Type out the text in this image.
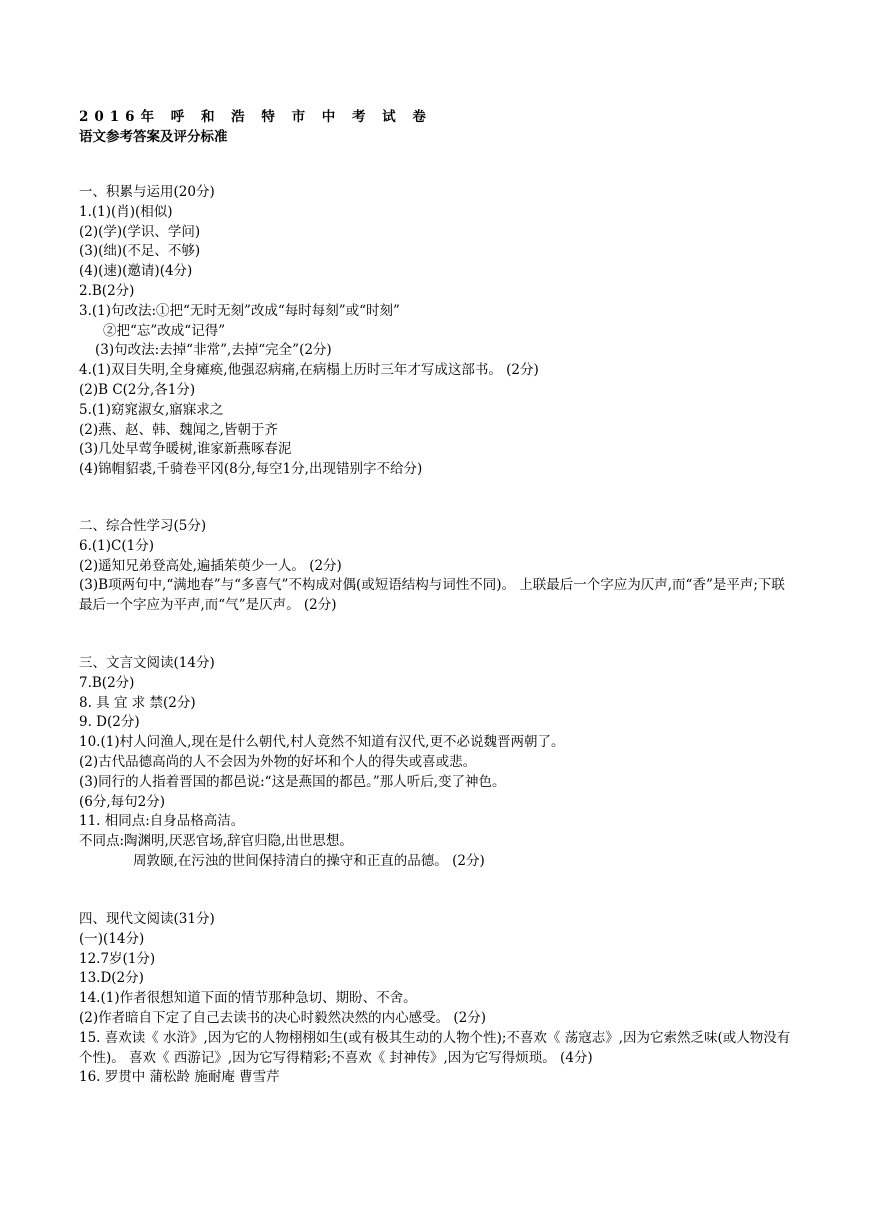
2016年 呼 和 浩 特 市 中 考 试 卷
语文参考答案及评分标准
一、积累与运用(20分)
1.(1)(肖)(相似)
(2)(学)(学识、学问)
(3)(绌)(不足、不够)
(4)(速)(邀请)(4分)
2.B(2分)
3.(1)句改法:①把“无时无刻”改成“每时每刻”或“时刻”
②把“忘”改成“记得”
(3)句改法:去掉“非常”,去掉“完全”(2分)
4.(1)双目失明,全身瘫痪,他强忍病痛,在病榻上历时三年才写成这部书。 (2分)
(2)B C(2分,各1分)
5.(1)窈窕淑女,寤寐求之
(2)燕、赵、韩、魏闻之,皆朝于齐
(3)几处早莺争暖树,谁家新燕啄春泥
(4)锦帽貂裘,千骑卷平冈(8分,每空1分,出现错别字不给分)
二、综合性学习(5分)
6.(1)C(1分)
(2)遥知兄弟登高处,遍插茱萸少一人。 (2分)
(3)B项两句中,“满地春”与“多喜气”不构成对偶(或短语结构与词性不同)。 上联最后一个字应为仄声,而“香”是平声;下联最后一个字应为平声,而“气”是仄声。 (2分)
三、文言文阅读(14分)
7.B(2分)
8. 具 宜 求 禁(2分)
9. D(2分)
10.(1)村人问渔人,现在是什么朝代,村人竟然不知道有汉代,更不必说魏晋两朝了。
(2)古代品德高尚的人不会因为外物的好坏和个人的得失或喜或悲。
(3)同行的人指着晋国的都邑说:“这是燕国的都邑。”那人听后,变了神色。
(6分,每句2分)
11. 相同点:自身品格高洁。
不同点:陶渊明,厌恶官场,辞官归隐,出世思想。
周敦颐,在污浊的世间保持清白的操守和正直的品德。 (2分)
四、现代文阅读(31分)
(一)(14分)
12.7岁(1分)
13.D(2分)
14.(1)作者很想知道下面的情节那种急切、期盼、不舍。
(2)作者暗自下定了自己去读书的决心时毅然决然的内心感受。 (2分)
15. 喜欢读《 水浒》,因为它的人物栩栩如生(或有极其生动的人物个性);不喜欢《 荡寇志》,因为它索然乏味(或人物没有个性)。 喜欢《 西游记》,因为它写得精彩;不喜欢《 封神传》,因为它写得烦琐。 (4分)
16. 罗贯中 蒲松龄 施耐庵 曹雪芹
